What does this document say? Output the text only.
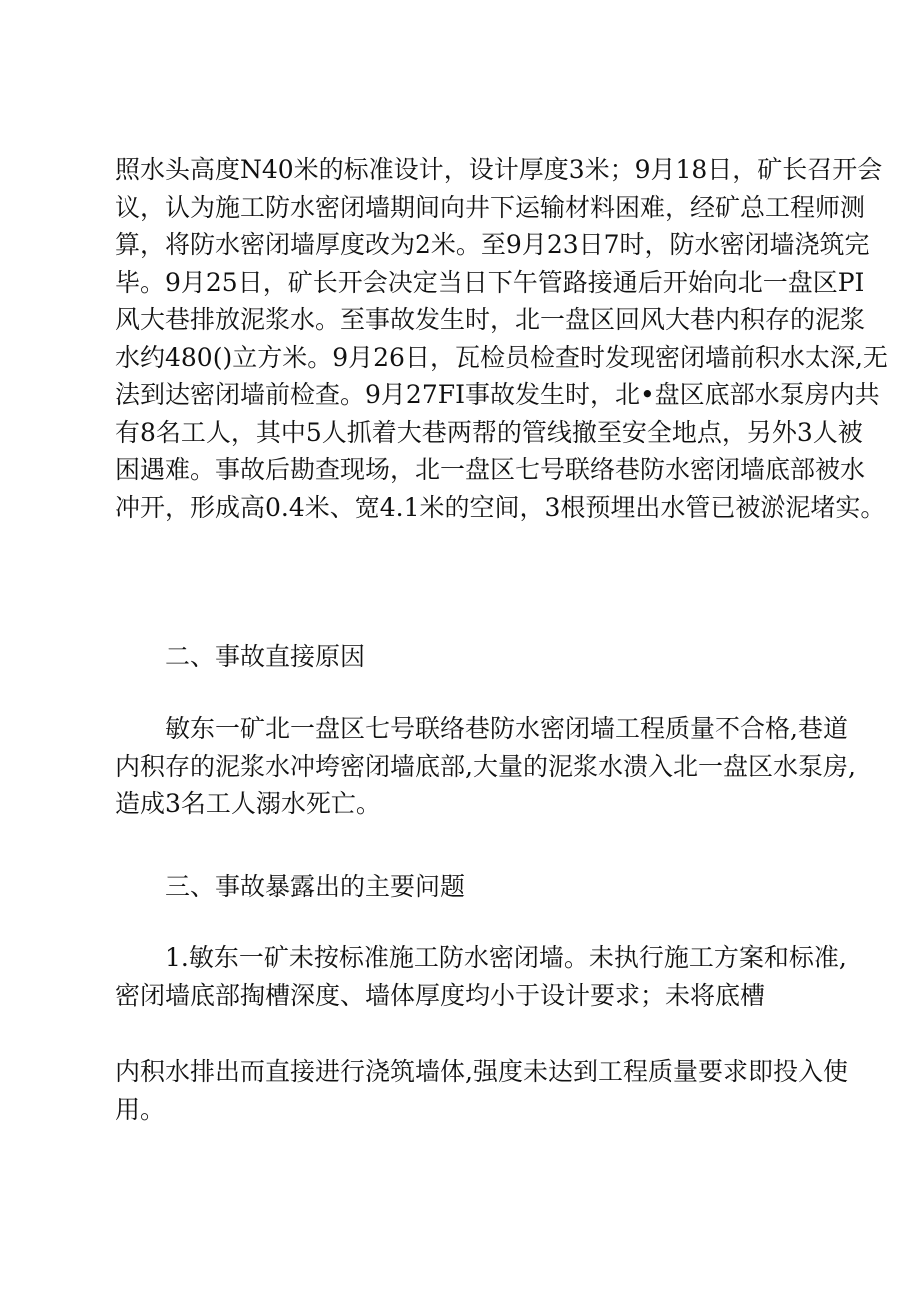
照水头高度N40米的标准设计，设计厚度3米；9月18日，矿长召开会
议，认为施工防水密闭墙期间向井下运输材料困难，经矿总工程师测
算，将防水密闭墙厚度改为2米。至9月23日7时，防水密闭墙浇筑完
毕。9月25日，矿长开会决定当日下午管路接通后开始向北一盘区PI
风大巷排放泥浆水。至事故发生时，北一盘区回风大巷内积存的泥浆
水约480()立方米。9月26日，瓦检员检查时发现密闭墙前积水太深,无
法到达密闭墙前检查。9月27FI事故发生时，北•盘区底部水泵房内共
有8名工人，其中5人抓着大巷两帮的管线撤至安全地点，另外3人被
困遇难。事故后勘查现场，北一盘区七号联络巷防水密闭墙底部被水
冲开，形成高0.4米、宽4.1米的空间，3根预埋出水管已被淤泥堵实。
二、事故直接原因
敏东一矿北一盘区七号联络巷防水密闭墙工程质量不合格,巷道
内积存的泥浆水冲垮密闭墙底部,大量的泥浆水溃入北一盘区水泵房,
造成3名工人溺水死亡。
三、事故暴露出的主要问题
1.敏东一矿未按标准施工防水密闭墙。未执行施工方案和标准,
密闭墙底部掏槽深度、墙体厚度均小于设计要求；未将底槽
内积水排出而直接进行浇筑墙体,强度未达到工程质量要求即投入使
用。
